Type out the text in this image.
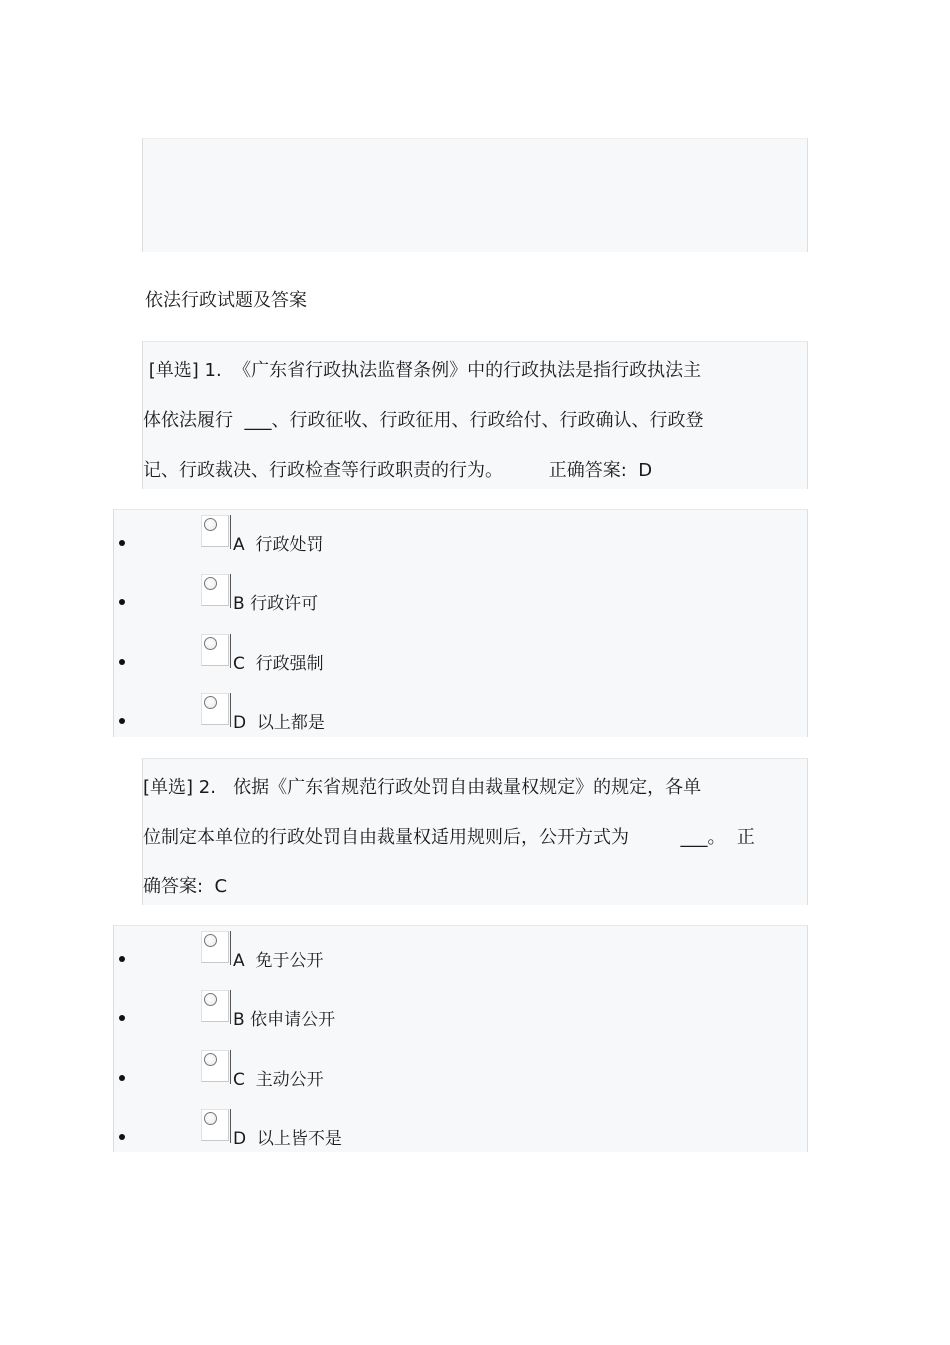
依法行政试题及答案
[单选] 1.  《广东省行政执法监督条例》中的行政执法是指行政执法主
体依法履行  ___、行政征收、行政征用、行政给付、行政确认、行政登
记、行政裁决、行政检查等行政职责的行为。        正确答案:  D
A 行政处罚
B 行政许可
C 行政强制
D 以上都是
[单选] 2.   依据《广东省规范行政处罚自由裁量权规定》的规定，各单
位制定本单位的行政处罚自由裁量权适用规则后，公开方式为         ___。  正
确答案:  C
A 免于公开
B 依申请公开
C 主动公开
D 以上皆不是
